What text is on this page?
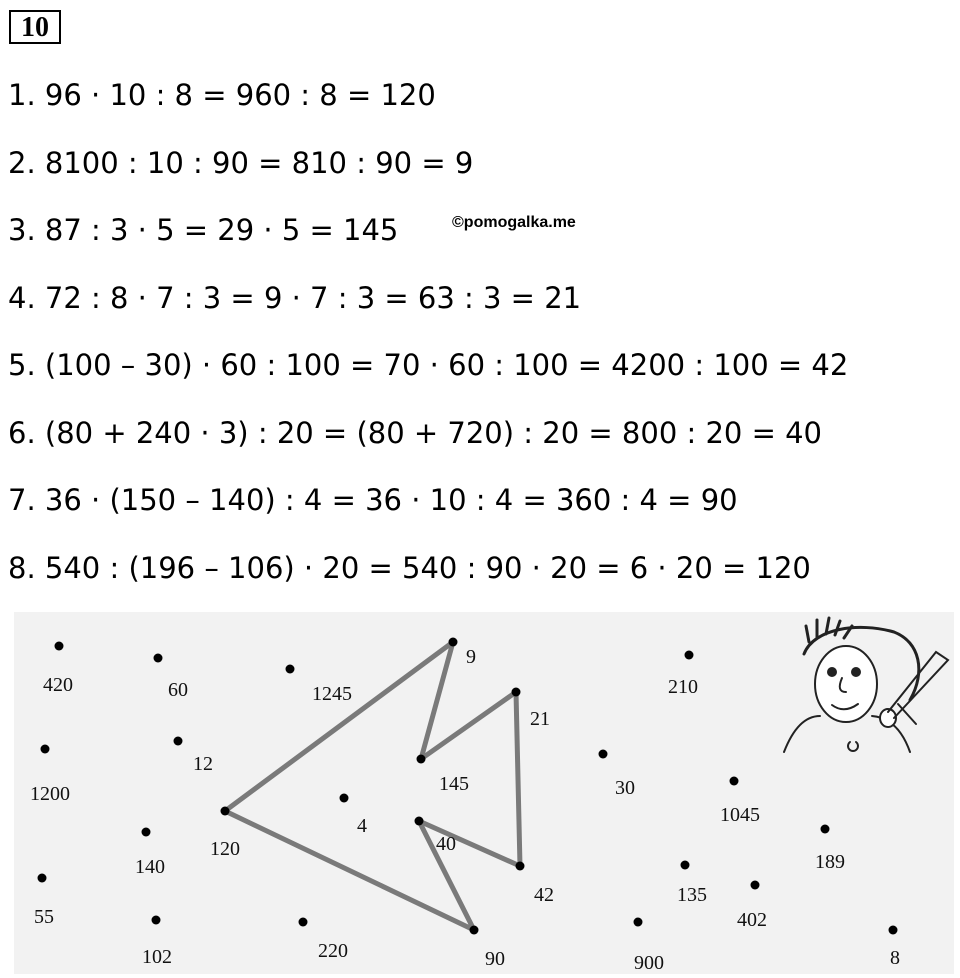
10

1. 96 · 10 : 8 = 960 : 8 = 120

2. 8100 : 10 : 90 = 810 : 90 = 9

3. 87 : 3 · 5 = 29 · 5 = 145

4. 72 : 8 · 7 : 3 = 9 · 7 : 3 = 63 : 3 = 21

5. (100 – 30) · 60 : 100 = 70 · 60 : 100 = 4200 : 100 = 42

6. (80 + 240 · 3) : 20 = (80 + 720) : 20 = 800 : 20 = 40

7. 36 · (150 – 140) : 4 = 36 · 10 : 4 = 360 : 4 = 90

8. 540 : (196 – 106) · 20 = 540 : 90 · 20 = 6 · 20 = 120

©pomogalka.me
420	60	1245
9
210
21
12
1200	145	30
1045
4
120
140
40
189
135
42
402
55
102	220	90	900	8
